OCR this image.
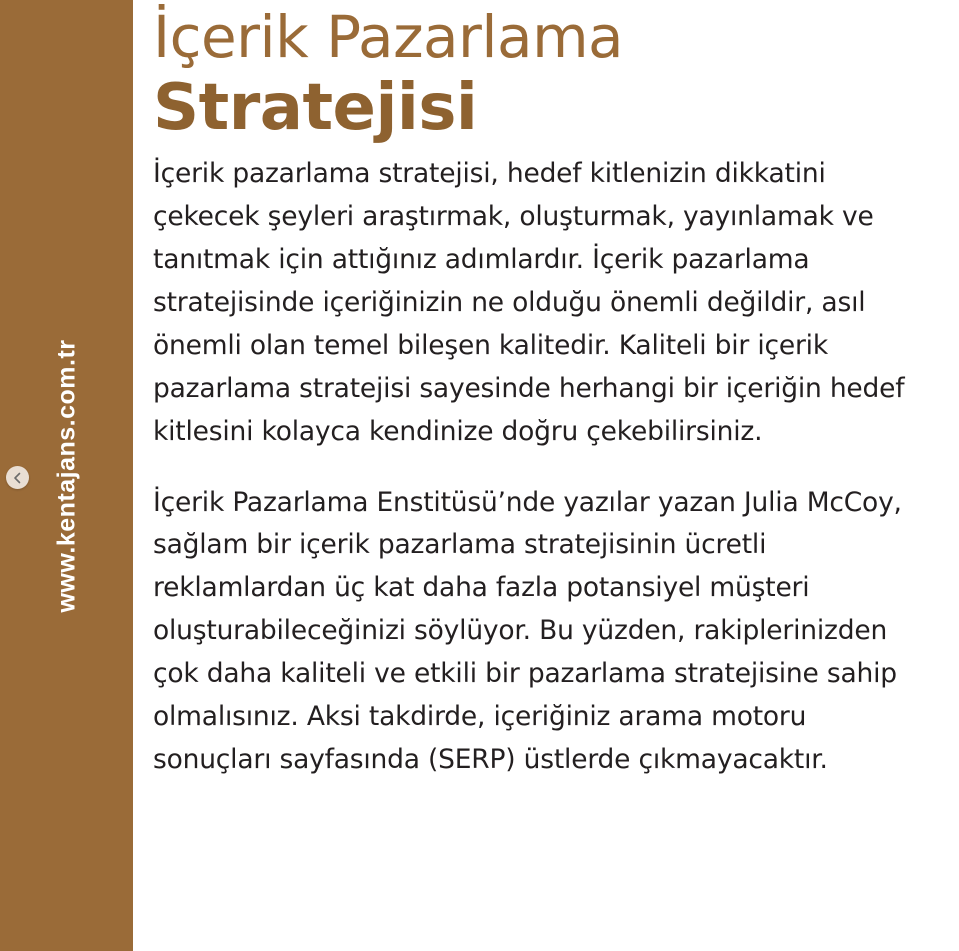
www.kentajans.com.tr
İçerik Pazarlama
Stratejisi

İçerik pazarlama stratejisi, hedef kitlenizin dikkatini çekecek şeyleri araştırmak, oluşturmak, yayınlamak ve tanıtmak için attığınız adımlardır. İçerik pazarlama stratejisinde içeriğinizin ne olduğu önemli değildir, asıl önemli olan temel bileşen kalitedir. Kaliteli bir içerik pazarlama stratejisi sayesinde herhangi bir içeriğin hedef kitlesini kolayca kendinize doğru çekebilirsiniz.

İçerik Pazarlama Enstitüsü’nde yazılar yazan Julia McCoy, sağlam bir içerik pazarlama stratejisinin ücretli reklamlardan üç kat daha fazla potansiyel müşteri oluşturabileceğinizi söylüyor. Bu yüzden, rakiplerinizden çok daha kaliteli ve etkili bir pazarlama stratejisine sahip olmalısınız. Aksi takdirde, içeriğiniz arama motoru sonuçları sayfasında (SERP) üstlerde çıkmayacaktır.
